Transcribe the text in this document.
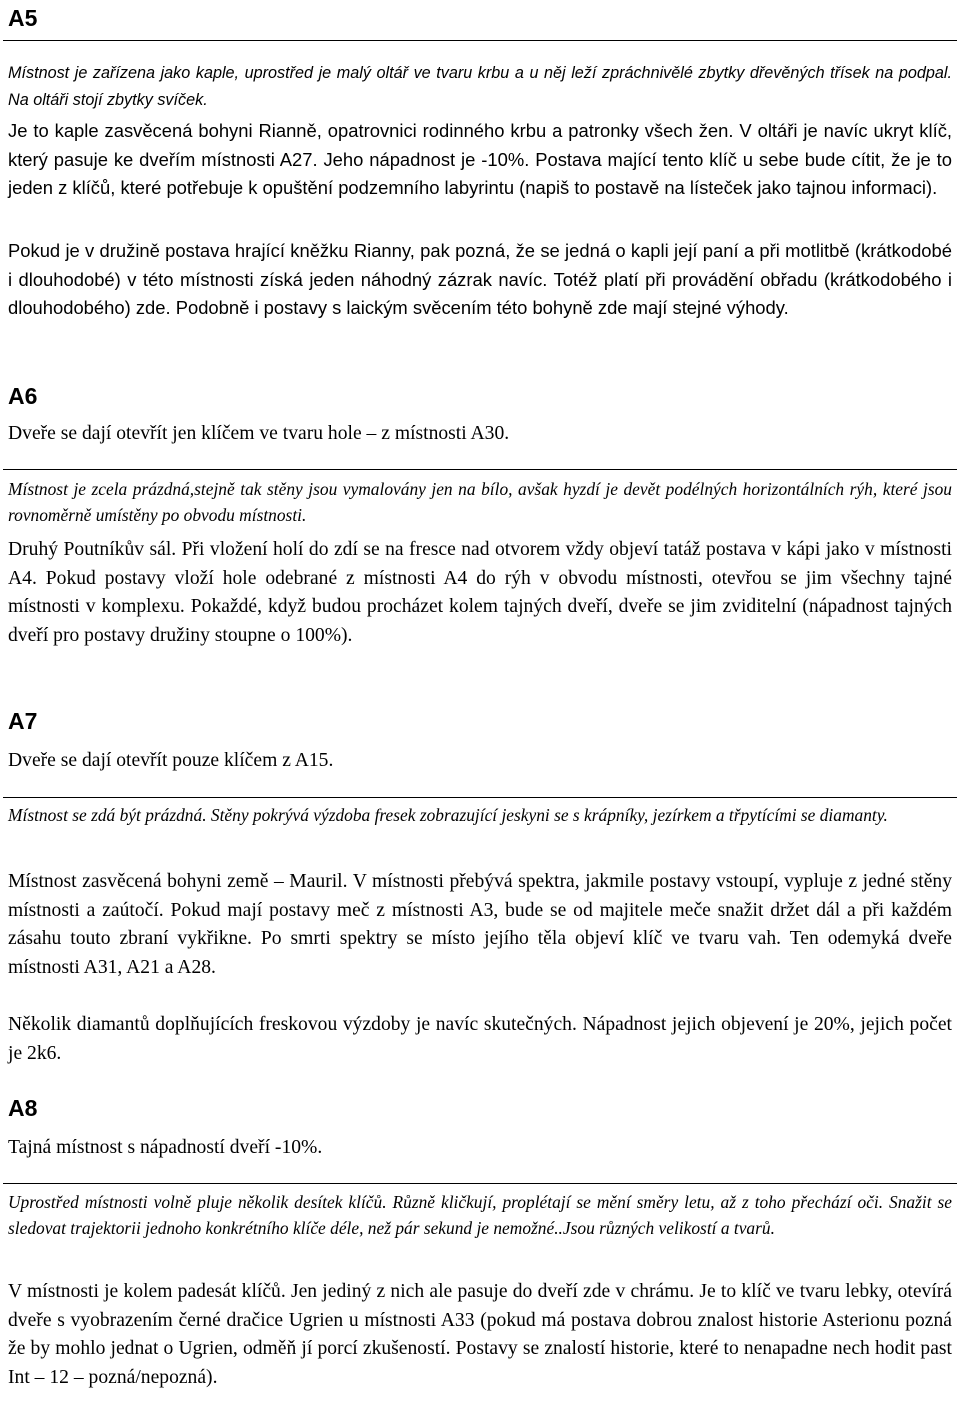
A5

Místnost je zařízena jako kaple, uprostřed je malý oltář ve tvaru krbu a u něj leží zpráchnivělé zbytky dřevěných třísek na podpal. Na oltáři stojí zbytky svíček.

Je to kaple zasvěcená bohyni Rianně, opatrovnici rodinného krbu a patronky všech žen. V oltáři je navíc ukryt klíč, který pasuje ke dveřím místnosti A27. Jeho nápadnost je -10%. Postava mající tento klíč u sebe bude cítit, že je to jeden z klíčů, které potřebuje k opuštění podzemního labyrintu (napiš to postavě na lísteček jako tajnou informaci).

Pokud je v družině postava hrající kněžku Rianny, pak pozná, že se jedná o kapli její paní a při motlitbě (krátkodobé i dlouhodobé) v této místnosti získá jeden náhodný zázrak navíc. Totéž platí při provádění obřadu (krátkodobého i dlouhodobého) zde. Podobně i postavy s laickým svěcením této bohyně zde mají stejné výhody.

A6

Dveře se dají otevřít jen klíčem ve tvaru hole – z místnosti A30.

Místnost je zcela prázdná,stejně tak stěny jsou vymalovány jen na bílo, avšak hyzdí je devět podélných horizontálních rýh, které jsou rovnoměrně umístěny po obvodu místnosti.

Druhý Poutníkův sál. Při vložení holí do zdí se na fresce nad otvorem vždy objeví tatáž postava v kápi jako v místnosti A4. Pokud postavy vloží hole odebrané z místnosti A4 do rýh v obvodu místnosti, otevřou se jim všechny tajné místnosti v komplexu. Pokaždé, když budou procházet kolem tajných dveří, dveře se jim zviditelní (nápadnost tajných dveří pro postavy družiny stoupne o 100%).

A7

Dveře se dají otevřít pouze klíčem z A15.

Místnost se zdá být prázdná. Stěny pokrývá výzdoba fresek zobrazující jeskyni se s krápníky, jezírkem a třpytícími se diamanty.

Místnost zasvěcená bohyni země – Mauril. V místnosti přebývá spektra, jakmile postavy vstoupí, vypluje z jedné stěny místnosti a zaútočí. Pokud mají postavy meč z místnosti A3, bude se od majitele meče snažit držet dál a při každém zásahu touto zbraní vykřikne. Po smrti spektry se místo jejího těla objeví klíč ve tvaru vah. Ten odemyká dveře místnosti A31, A21 a A28.

Několik diamantů doplňujících freskovou výzdoby je navíc skutečných. Nápadnost jejich objevení je 20%, jejich počet je 2k6.

A8

Tajná místnost s nápadností dveří -10%.

Uprostřed místnosti volně pluje několik desítek klíčů. Různě kličkují, proplétají se mění směry letu, až z toho přechází oči. Snažit se sledovat trajektorii jednoho konkrétního klíče déle, než pár sekund je nemožné..Jsou různých velikostí a tvarů.

V místnosti je kolem padesát klíčů. Jen jediný z nich ale pasuje do dveří zde v chrámu. Je to klíč ve tvaru lebky, otevírá dveře s vyobrazením černé dračice Ugrien u místnosti A33 (pokud má postava dobrou znalost historie Asterionu pozná že by mohlo jednat o Ugrien, odměň jí porcí zkušeností. Postavy se znalostí historie, které to nenapadne nech hodit past Int – 12 – pozná/nepozná).
